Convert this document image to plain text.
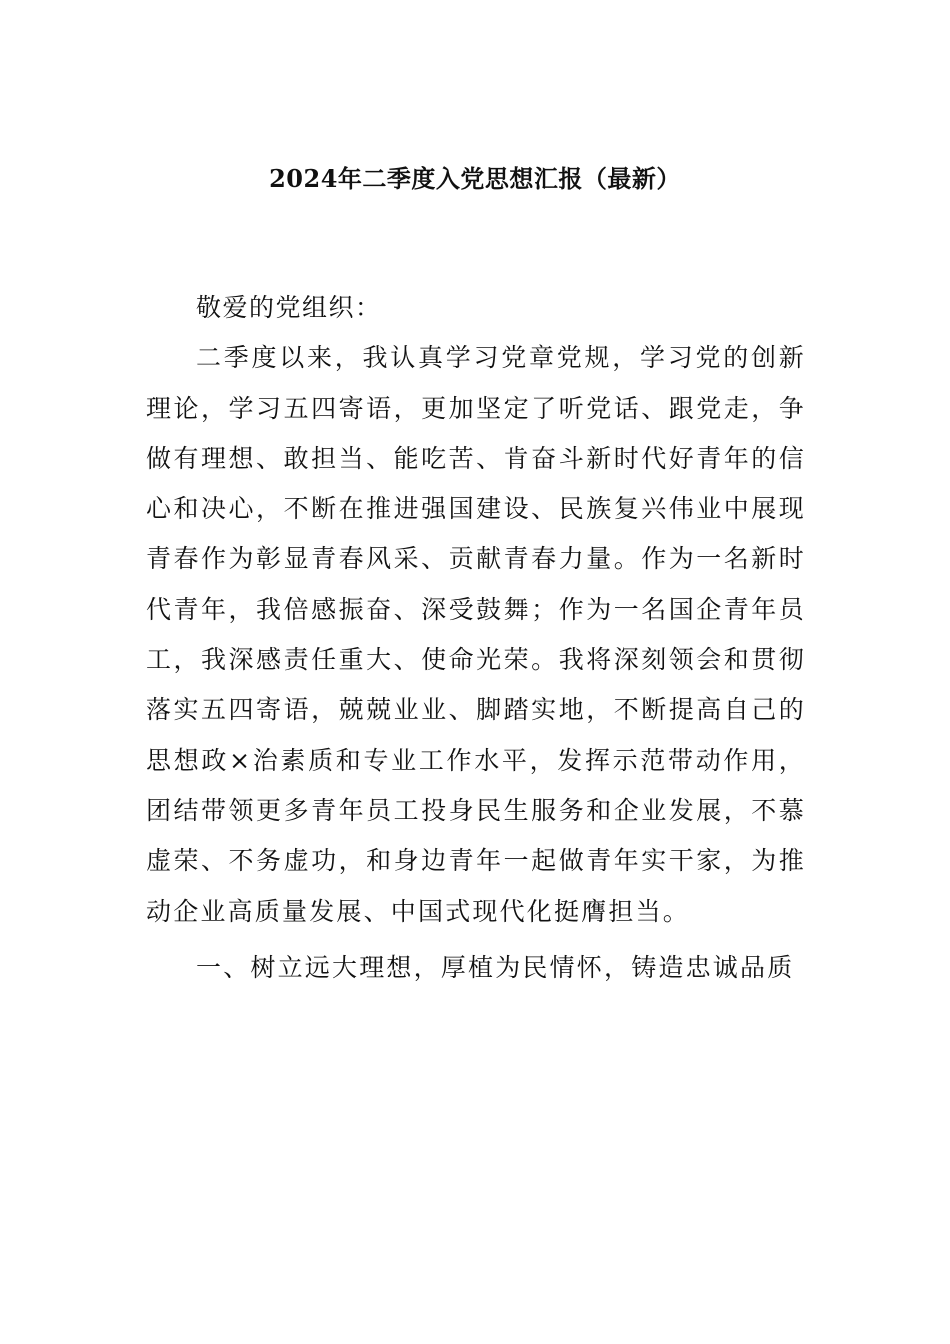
2024年二季度入党思想汇报（最新）

敬爱的党组织：

二季度以来，我认真学习党章党规，学习党的创新理论，学习五四寄语，更加坚定了听党话、跟党走，争做有理想、敢担当、能吃苦、肯奋斗新时代好青年的信心和决心，不断在推进强国建设、民族复兴伟业中展现青春作为彰显青春风采、贡献青春力量。作为一名新时代青年，我倍感振奋、深受鼓舞；作为一名国企青年员工，我深感责任重大、使命光荣。我将深刻领会和贯彻落实五四寄语，兢兢业业、脚踏实地，不断提高自己的思想政×治素质和专业工作水平，发挥示范带动作用，团结带领更多青年员工投身民生服务和企业发展，不慕虚荣、不务虚功，和身边青年一起做青年实干家，为推动企业高质量发展、中国式现代化挺膺担当。

一、树立远大理想，厚植为民情怀，铸造忠诚品质
